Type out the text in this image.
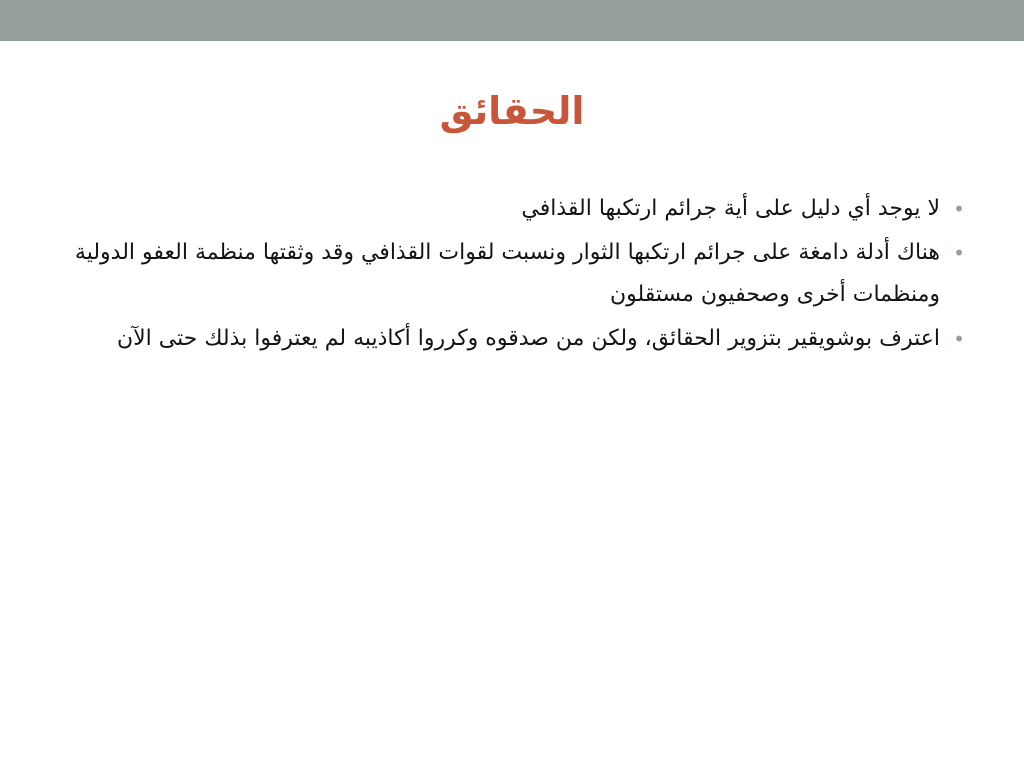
الحقائق
•
لا يوجد أي دليل على أية جرائم ارتكبها القذافي
•
هناك أدلة دامغة على جرائم ارتكبها الثوار ونسبت لقوات القذافي وقد وثقتها منظمة العفو الدولية ومنظمات أخرى وصحفيون مستقلون
•
اعترف بوشويقير بتزوير الحقائق، ولكن من صدقوه وكرروا أكاذيبه لم يعترفوا بذلك حتى الآن
